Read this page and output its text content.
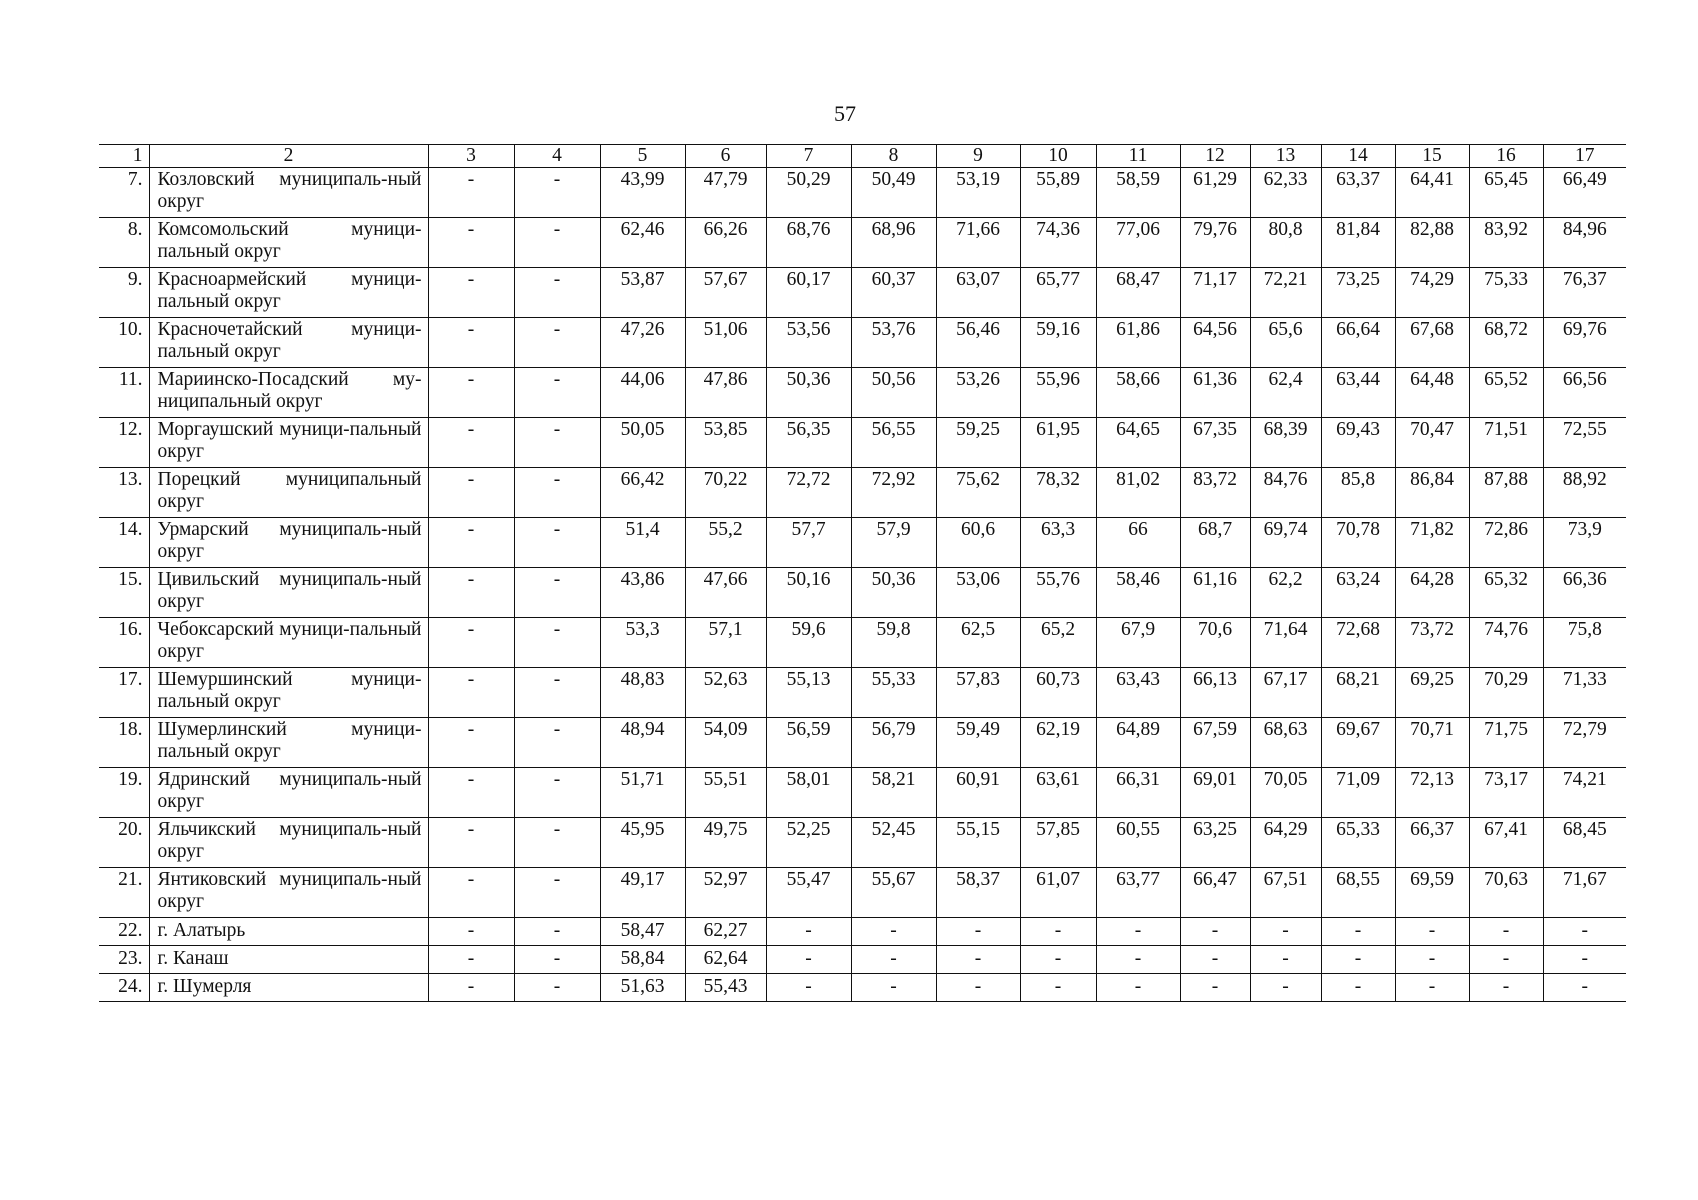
57
1	2	3	4	5	6	7	8	9	10	11	12	13	14	15	16	17
7.	Козловский муниципаль-ный округ	-	-	43,99	47,79	50,29	50,49	53,19	55,89	58,59	61,29	62,33	63,37	64,41	65,45	66,49
8.	Комсомольский муници-пальный округ	-	-	62,46	66,26	68,76	68,96	71,66	74,36	77,06	79,76	80,8	81,84	82,88	83,92	84,96
9.	Красноармейский муници-пальный округ	-	-	53,87	57,67	60,17	60,37	63,07	65,77	68,47	71,17	72,21	73,25	74,29	75,33	76,37
10.	Красночетайский муници-пальный округ	-	-	47,26	51,06	53,56	53,76	56,46	59,16	61,86	64,56	65,6	66,64	67,68	68,72	69,76
11.	Мариинско-Посадский му-ниципальный округ	-	-	44,06	47,86	50,36	50,56	53,26	55,96	58,66	61,36	62,4	63,44	64,48	65,52	66,56
12.	Моргаушский муници-пальный округ	-	-	50,05	53,85	56,35	56,55	59,25	61,95	64,65	67,35	68,39	69,43	70,47	71,51	72,55
13.	Порецкий муниципальный округ	-	-	66,42	70,22	72,72	72,92	75,62	78,32	81,02	83,72	84,76	85,8	86,84	87,88	88,92
14.	Урмарский муниципаль-ный округ	-	-	51,4	55,2	57,7	57,9	60,6	63,3	66	68,7	69,74	70,78	71,82	72,86	73,9
15.	Цивильский муниципаль-ный округ	-	-	43,86	47,66	50,16	50,36	53,06	55,76	58,46	61,16	62,2	63,24	64,28	65,32	66,36
16.	Чебоксарский муници-пальный округ	-	-	53,3	57,1	59,6	59,8	62,5	65,2	67,9	70,6	71,64	72,68	73,72	74,76	75,8
17.	Шемуршинский муници-пальный округ	-	-	48,83	52,63	55,13	55,33	57,83	60,73	63,43	66,13	67,17	68,21	69,25	70,29	71,33
18.	Шумерлинский муници-пальный округ	-	-	48,94	54,09	56,59	56,79	59,49	62,19	64,89	67,59	68,63	69,67	70,71	71,75	72,79
19.	Ядринский муниципаль-ный округ	-	-	51,71	55,51	58,01	58,21	60,91	63,61	66,31	69,01	70,05	71,09	72,13	73,17	74,21
20.	Яльчикский муниципаль-ный округ	-	-	45,95	49,75	52,25	52,45	55,15	57,85	60,55	63,25	64,29	65,33	66,37	67,41	68,45
21.	Янтиковский муниципаль-ный округ	-	-	49,17	52,97	55,47	55,67	58,37	61,07	63,77	66,47	67,51	68,55	69,59	70,63	71,67
22.	г. Алатырь	-	-	58,47	62,27	-	-	-	-	-	-	-	-	-	-	-
23.	г. Канаш	-	-	58,84	62,64	-	-	-	-	-	-	-	-	-	-	-
24.	г. Шумерля	-	-	51,63	55,43	-	-	-	-	-	-	-	-	-	-	-
